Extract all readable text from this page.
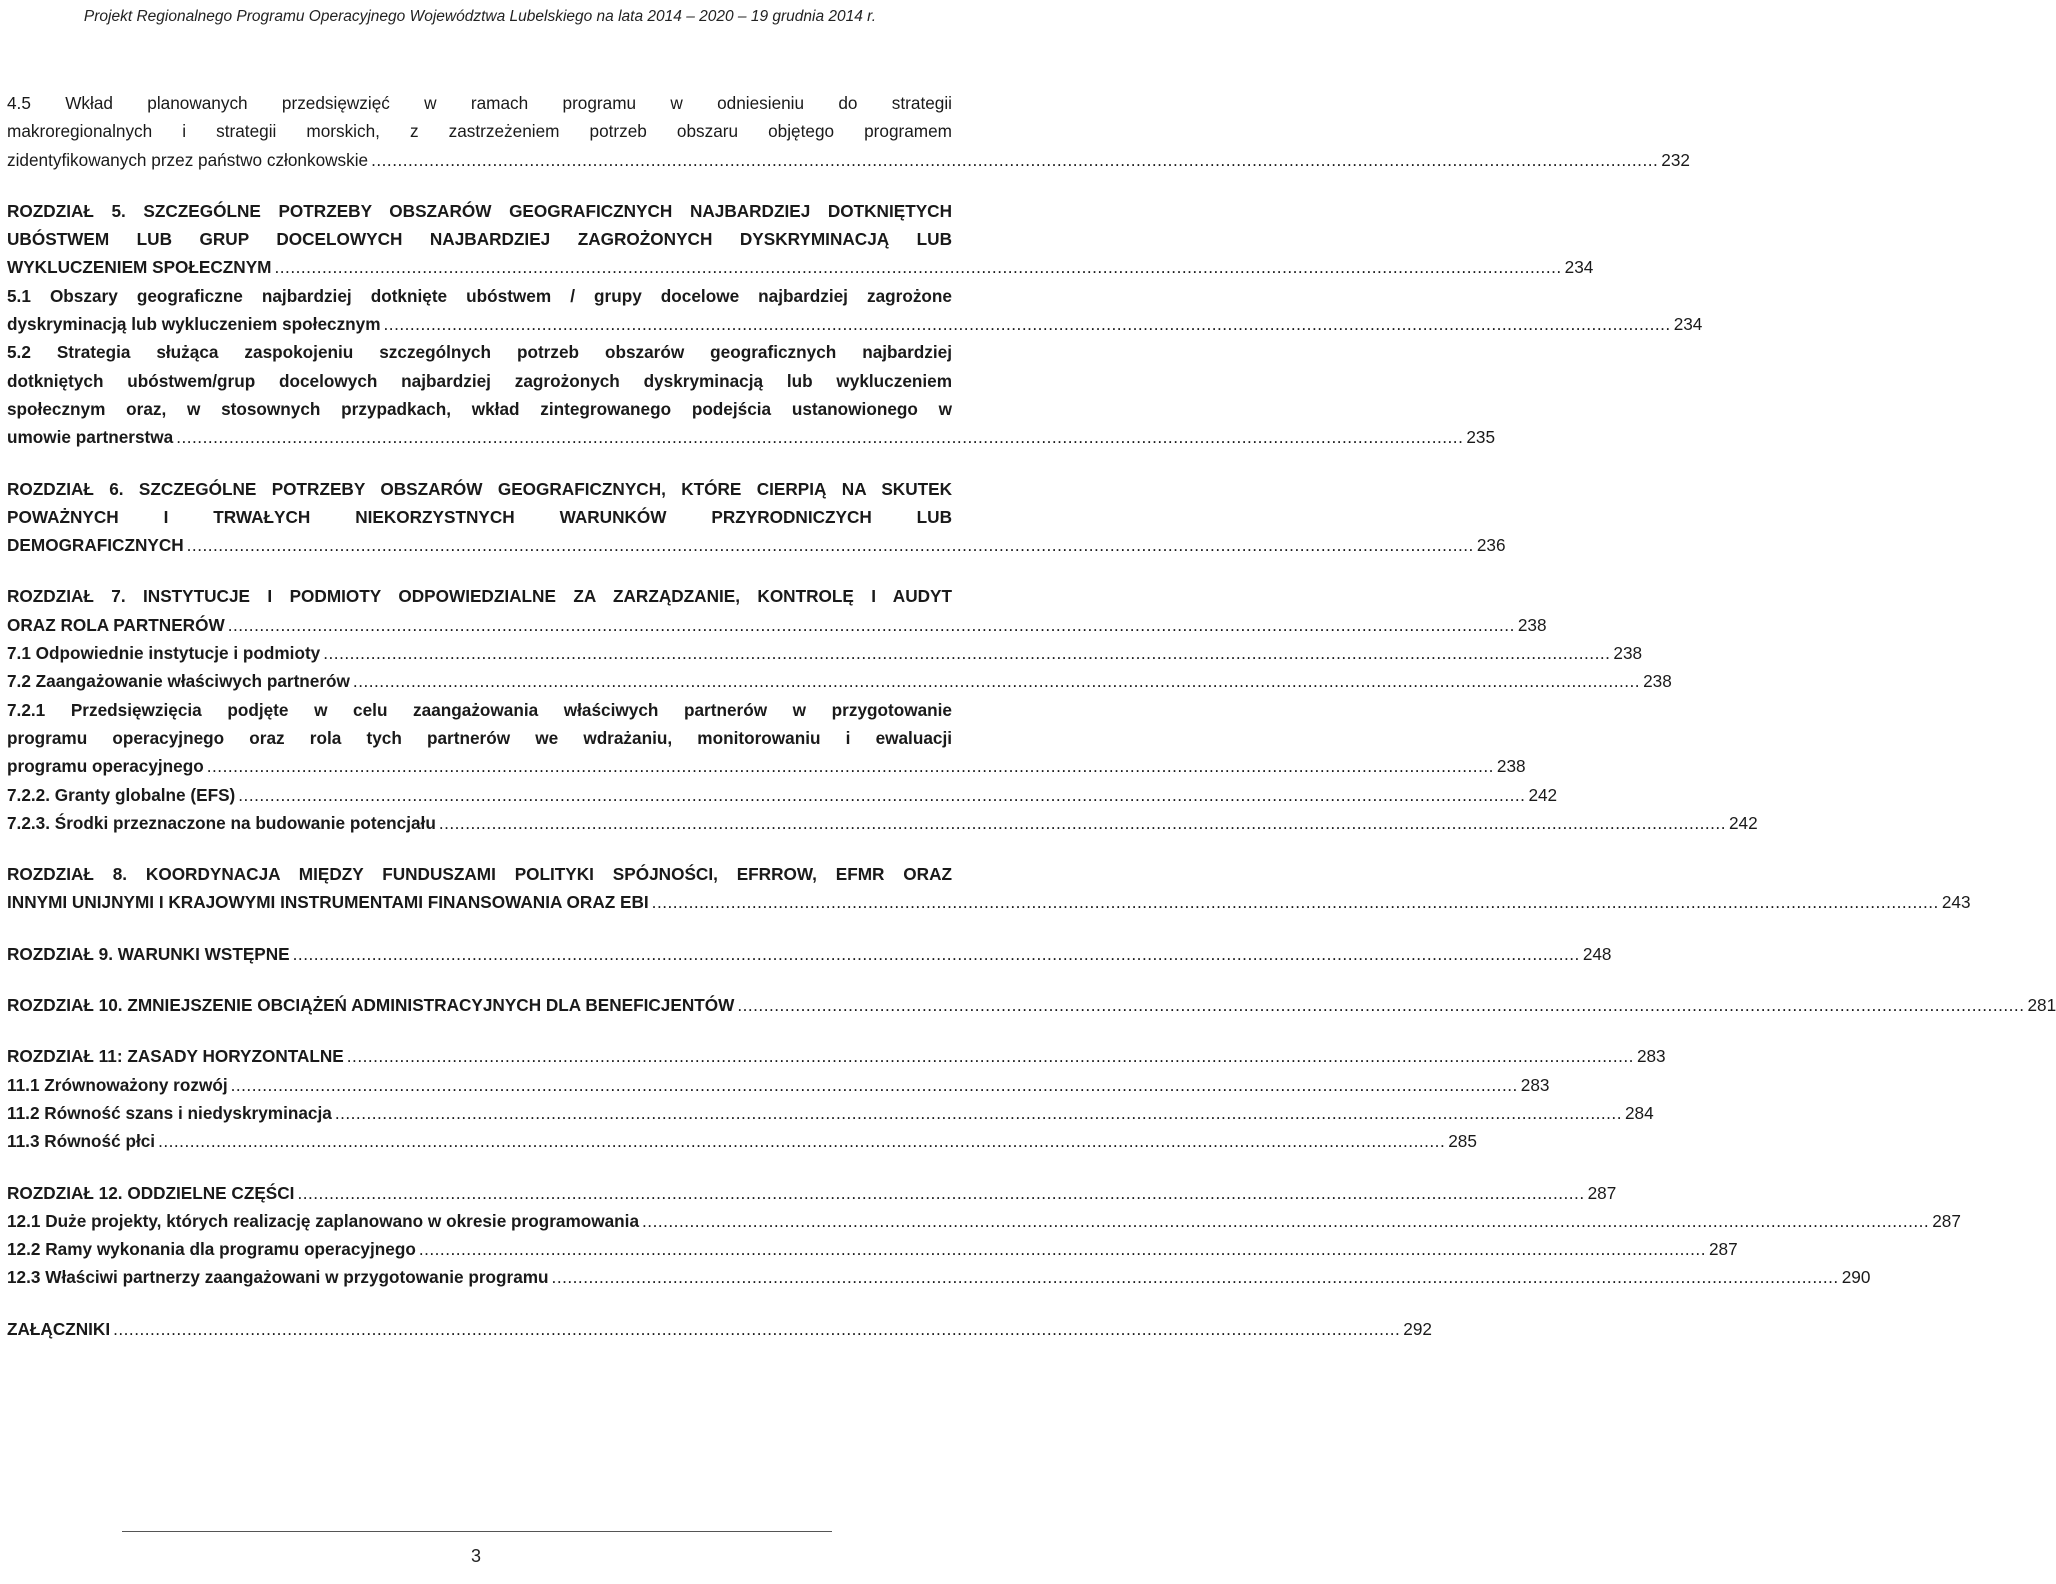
Projekt Regionalnego Programu Operacyjnego Województwa Lubelskiego na lata 2014 – 2020 – 19 grudnia 2014 r.
4.5 Wkład planowanych przedsięwzięć w ramach programu w odniesieniu do strategii
makroregionalnych i strategii morskich, z zastrzeżeniem potrzeb obszaru objętego programem
zidentyfikowanych przez państwo członkowskie .....	232
ROZDZIAŁ 5. SZCZEGÓLNE POTRZEBY OBSZARÓW GEOGRAFICZNYCH NAJBARDZIEJ DOTKNIĘTYCH
UBÓSTWEM LUB GRUP DOCELOWYCH NAJBARDZIEJ ZAGROŻONYCH DYSKRYMINACJĄ LUB
WYKLUCZENIEM SPOŁECZNYM .....	234
5.1 Obszary geograficzne najbardziej dotknięte ubóstwem / grupy docelowe najbardziej zagrożone
dyskryminacją lub wykluczeniem społecznym .....	234
5.2 Strategia służąca zaspokojeniu szczególnych potrzeb obszarów geograficznych najbardziej
dotkniętych ubóstwem/grup docelowych najbardziej zagrożonych dyskryminacją lub wykluczeniem
społecznym oraz, w stosownych przypadkach, wkład zintegrowanego podejścia ustanowionego w
umowie partnerstwa .....	235
ROZDZIAŁ 6. SZCZEGÓLNE POTRZEBY OBSZARÓW GEOGRAFICZNYCH, KTÓRE CIERPIĄ NA SKUTEK
POWAŻNYCH I TRWAŁYCH NIEKORZYSTNYCH WARUNKÓW PRZYRODNICZYCH LUB
DEMOGRAFICZNYCH .....	236
ROZDZIAŁ 7. INSTYTUCJE I PODMIOTY ODPOWIEDZIALNE ZA ZARZĄDZANIE, KONTROLĘ I AUDYT
ORAZ ROLA PARTNERÓW .....	238
7.1 Odpowiednie instytucje i podmioty .....	238
7.2 Zaangażowanie właściwych partnerów .....	238
7.2.1 Przedsięwzięcia podjęte w celu zaangażowania właściwych partnerów w przygotowanie
programu operacyjnego oraz rola tych partnerów we wdrażaniu, monitorowaniu i ewaluacji
programu operacyjnego .....	238
7.2.2. Granty globalne (EFS) .....	242
7.2.3. Środki przeznaczone na budowanie potencjału .....	242
ROZDZIAŁ 8. KOORDYNACJA MIĘDZY FUNDUSZAMI POLITYKI SPÓJNOŚCI, EFRROW, EFMR ORAZ
INNYMI UNIJNYMI I KRAJOWYMI INSTRUMENTAMI FINANSOWANIA ORAZ EBI .....	243
ROZDZIAŁ 9. WARUNKI WSTĘPNE .....	248
ROZDZIAŁ 10. ZMNIEJSZENIE OBCIĄŻEŃ ADMINISTRACYJNYCH DLA BENEFICJENTÓW .....	281
ROZDZIAŁ 11: ZASADY HORYZONTALNE .....	283
11.1 Zrównoważony rozwój .....	283
11.2 Równość szans i niedyskryminacja .....	284
11.3 Równość płci .....	285
ROZDZIAŁ 12. ODDZIELNE CZĘŚCI .....	287
12.1 Duże projekty, których realizację zaplanowano w okresie programowania .....	287
12.2 Ramy wykonania dla programu operacyjnego .....	287
12.3 Właściwi partnerzy zaangażowani w przygotowanie programu .....	290
ZAŁĄCZNIKI .....	292
3
